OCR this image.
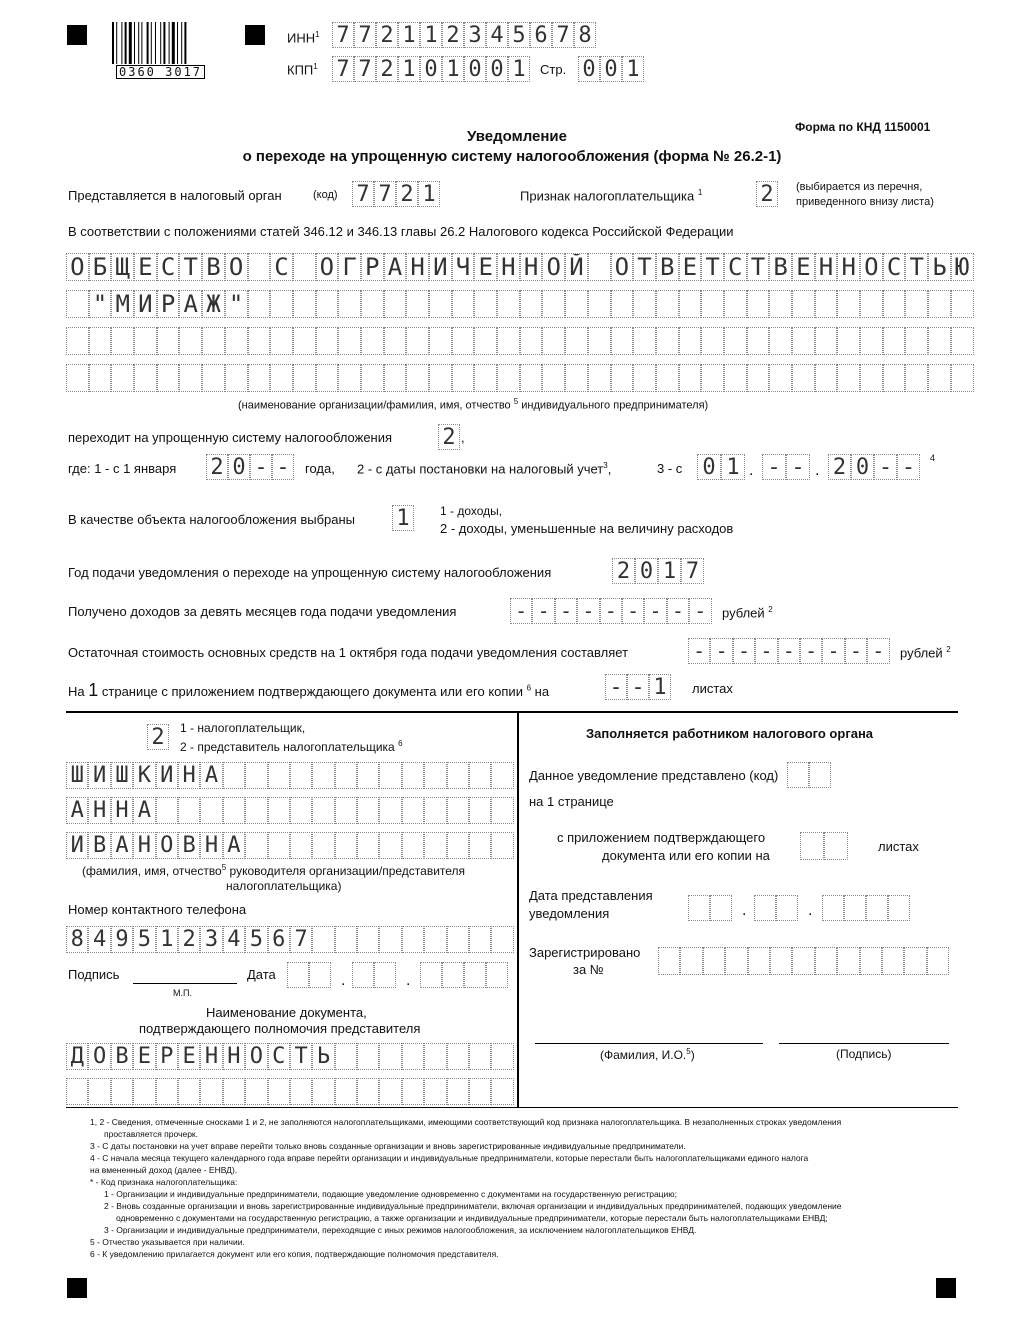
0360 3017
ИНН$^1$ 7 7 2 1 1 2 3 4 5 6 7 8
КПП$^1$ 7 7 2 1 0 1 0 0 1	Стр. 0 0 1
Форма по КНД 1150001
Уведомление
о переходе на упрощенную систему налогообложения (форма № 26.2-1)
Представляется в налоговый орган	(код) 7 7 2 1	Признак налогоплательщика $^1$	2	(выбирается из перечня,
приведенного внизу листа)
В соответствии с положениями статей 346.12 и 346.13 главы 26.2 Налогового кодекса Российской Федерации
О Б Щ Е С Т В О С О Г Р А Н И Ч Е Н Н О Й О Т В Е Т С Т В Е Н Н О С Т Ь Ю
" М И Р А Ж "
(наименование организации/фамилия, имя, отчество $^5$ индивидуального предпринимателя)
переходит на упрощенную систему налогообложения 2 ,
где: 1 - с 1 января 2 0 - -	года, 2 - с даты постановки на налоговый учет$^3$,	3 - с 0 1 . - - . 2 0 - -	4
В качестве объекта налогообложения выбраны 1	1 - доходы,
2 - доходы, уменьшенные на величину расходов
Год подачи уведомления о переходе на упрощенную систему налогообложения	2 0 1 7
Получено доходов за девять месяцев года подачи уведомления	- - - - - - - - -	рублей $^2$
Остаточная стоимость основных средств на 1 октября года подачи уведомления составляет	- - - - - - - - -	рублей $^2$
На 1 странице с приложением подтверждающего документа или его копии $^6$ на	- - 1	листах
2	1 - налогоплательщик,
2 - представитель налогоплательщика $^6$
Ш И Ш К И Н А
А Н Н А
И В А Н О В Н А
(фамилия, имя, отчество$^5$ руководителя организации/представителя
налогоплательщика)
Номер контактного телефона
8 4 9 5 1 2 3 4 5 6 7
Подпись	Дата	.	.
М.П.
Наименование документа,
подтверждающего полномочия представителя
Д О В Е Р Е Н Н О С Т Ь
Заполняется работником налогового органа
Данное уведомление представлено (код)
на 1 странице
с приложением подтверждающего
документа или его копии на
листах
Дата представления
уведомления	.	.
Зарегистрировано
за №
(Фамилия, И.О.$^5$)	(Подпись)
1, 2 - Сведения, отмеченные сносками 1 и 2, не заполняются налогоплательщиками, имеющими соответствующий код признака налогоплательщика. В незаполненных строках уведомления
проставляется прочерк.
3 - С даты постановки на учет вправе перейти только вновь созданные организации и вновь зарегистрированные индивидуальные предприниматели.
4 - С начала месяца текущего календарного года вправе перейти организации и индивидуальные предприниматели, которые перестали быть налогоплательщиками единого налога
на вмененный доход (далее - ЕНВД).
* - Код признака налогоплательщика:
1 - Организации и индивидуальные предприниматели, подающие уведомление одновременно с документами на государственную регистрацию;
2 - Вновь созданные организации и вновь зарегистрированные индивидуальные предприниматели, включая организации и индивидуальных предпринимателей, подающих уведомление
одновременно с документами на государственную регистрацию, а также организации и индивидуальные предприниматели, которые перестали быть налогоплательщиками ЕНВД;
3 - Организации и индивидуальные предприниматели, переходящие с иных режимов налогообложения, за исключением налогоплательщиков ЕНВД.
5 - Отчество указывается при наличии.
6 - К уведомлению прилагается документ или его копия, подтверждающие полномочия представителя.
